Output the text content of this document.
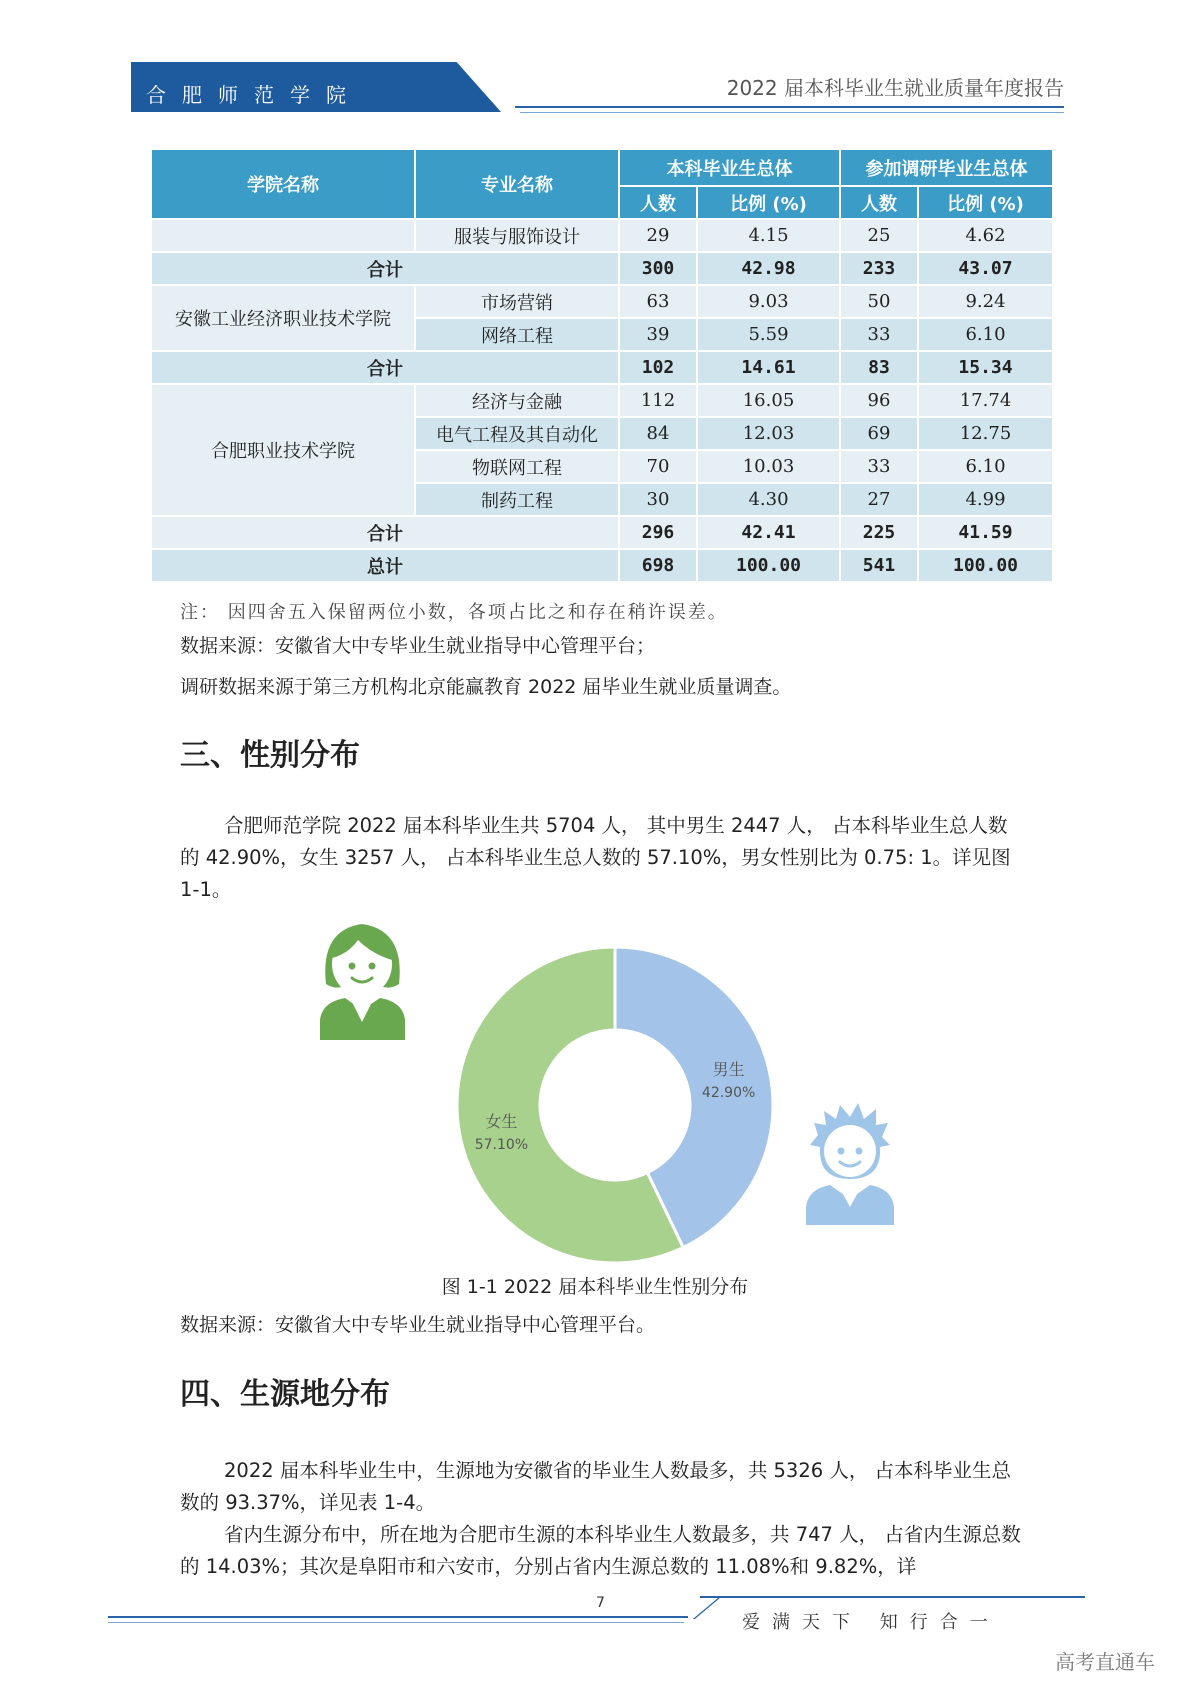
合肥师范学院	2022 届本科毕业生就业质量年度报告
学院名称	专业名称	本科毕业生总体		参加调研毕业生总体	
		人数	比例 (%)	人数	比例 (%)
	服装与服饰设计	29	4.15	25	4.62
合计		300	42.98	233	43.07
安徽工业经济职业技术学院	市场营销	63	9.03	50	9.24
	网络工程	39	5.59	33	6.10
合计		102	14.61	83	15.34
合肥职业技术学院	经济与金融	112	16.05	96	17.74
	电气工程及其自动化	84	12.03	69	12.75
	物联网工程	70	10.03	33	6.10
	制药工程	30	4.30	27	4.99
合计		296	42.41	225	41.59
总计		698	100.00	541	100.00
注： 因四舍五入保留两位小数，各项占比之和存在稍许误差。
数据来源：安徽省大中专毕业生就业指导中心管理平台；
调研数据来源于第三方机构北京能赢教育 2022 届毕业生就业质量调查。
三、性别分布
合肥师范学院 2022 届本科毕业生共 5704 人， 其中男生 2447 人， 占本科毕业生总人数的 42.90%，女生 3257 人， 占本科毕业生总人数的 57.10%，男女性别比为 0.75: 1。详见图 1-1。
男生
42.90%
女生
57.10%
图 1-1 2022 届本科毕业生性别分布
数据来源：安徽省大中专毕业生就业指导中心管理平台。
四、生源地分布
2022 届本科毕业生中，生源地为安徽省的毕业生人数最多，共 5326 人， 占本科毕业生总数的 93.37%，详见表 1-4。
省内生源分布中，所在地为合肥市生源的本科毕业生人数最多，共 747 人， 占省内生源总数的 14.03%；其次是阜阳市和六安市，分别占省内生源总数的 11.08%和 9.82%，详
7
爱满天下 知行合一
高考直通车
